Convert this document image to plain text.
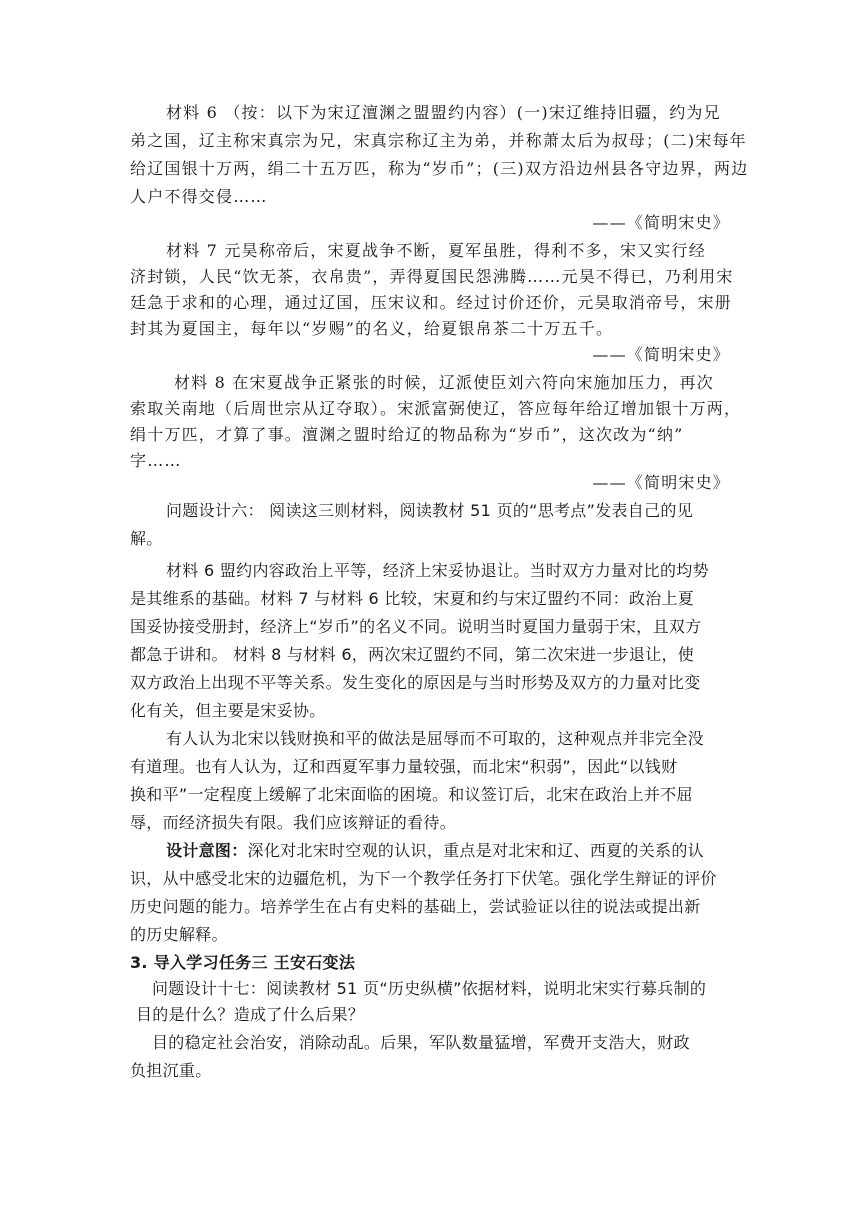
材料 6 （按：以下为宋辽澶渊之盟盟约内容）(一)宋辽维持旧疆，约为兄
弟之国，辽主称宋真宗为兄，宋真宗称辽主为弟，并称萧太后为叔母；(二)宋每年
给辽国银十万两，绢二十五万匹，称为“岁币”；(三)双方沿边州县各守边界，两边
人户不得交侵……
——《简明宋史》
材料 7 元昊称帝后，宋夏战争不断，夏军虽胜，得利不多，宋又实行经
济封锁，人民“饮无茶，衣帛贵”，弄得夏国民怨沸腾……元昊不得已，乃利用宋
廷急于求和的心理，通过辽国，压宋议和。经过讨价还价，元昊取消帝号，宋册
封其为夏国主，每年以“岁赐”的名义，给夏银帛茶二十万五千。
——《简明宋史》
材料 8 在宋夏战争正紧张的时候，辽派使臣刘六符向宋施加压力，再次
索取关南地（后周世宗从辽夺取）。宋派富弼使辽，答应每年给辽增加银十万两，
绢十万匹，才算了事。澶渊之盟时给辽的物品称为“岁币”，这次改为“纳”
字……
——《简明宋史》
问题设计六： 阅读这三则材料，阅读教材 51 页的“思考点”发表自己的见
解。
材料 6 盟约内容政治上平等，经济上宋妥协退让。当时双方力量对比的均势
是其维系的基础。材料 7 与材料 6 比较，宋夏和约与宋辽盟约不同：政治上夏
国妥协接受册封，经济上“岁币”的名义不同。说明当时夏国力量弱于宋，且双方
都急于讲和。 材料 8 与材料 6，两次宋辽盟约不同，第二次宋进一步退让，使
双方政治上出现不平等关系。发生变化的原因是与当时形势及双方的力量对比变
化有关，但主要是宋妥协。
有人认为北宋以钱财换和平的做法是屈辱而不可取的，这种观点并非完全没
有道理。也有人认为，辽和西夏军事力量较强，而北宋“积弱”，因此“以钱财
换和平”一定程度上缓解了北宋面临的困境。和议签订后，北宋在政治上并不屈
辱，而经济损失有限。我们应该辩证的看待。
设计意图：深化对北宋时空观的认识，重点是对北宋和辽、西夏的关系的认
识，从中感受北宋的边疆危机，为下一个教学任务打下伏笔。强化学生辩证的评价
历史问题的能力。培养学生在占有史料的基础上，尝试验证以往的说法或提出新
的历史解释。
3. 导入学习任务三 王安石变法
问题设计十七：阅读教材 51 页“历史纵横”依据材料，说明北宋实行募兵制的
目的是什么？造成了什么后果？
目的稳定社会治安，消除动乱。后果，军队数量猛增，军费开支浩大，财政
负担沉重。
